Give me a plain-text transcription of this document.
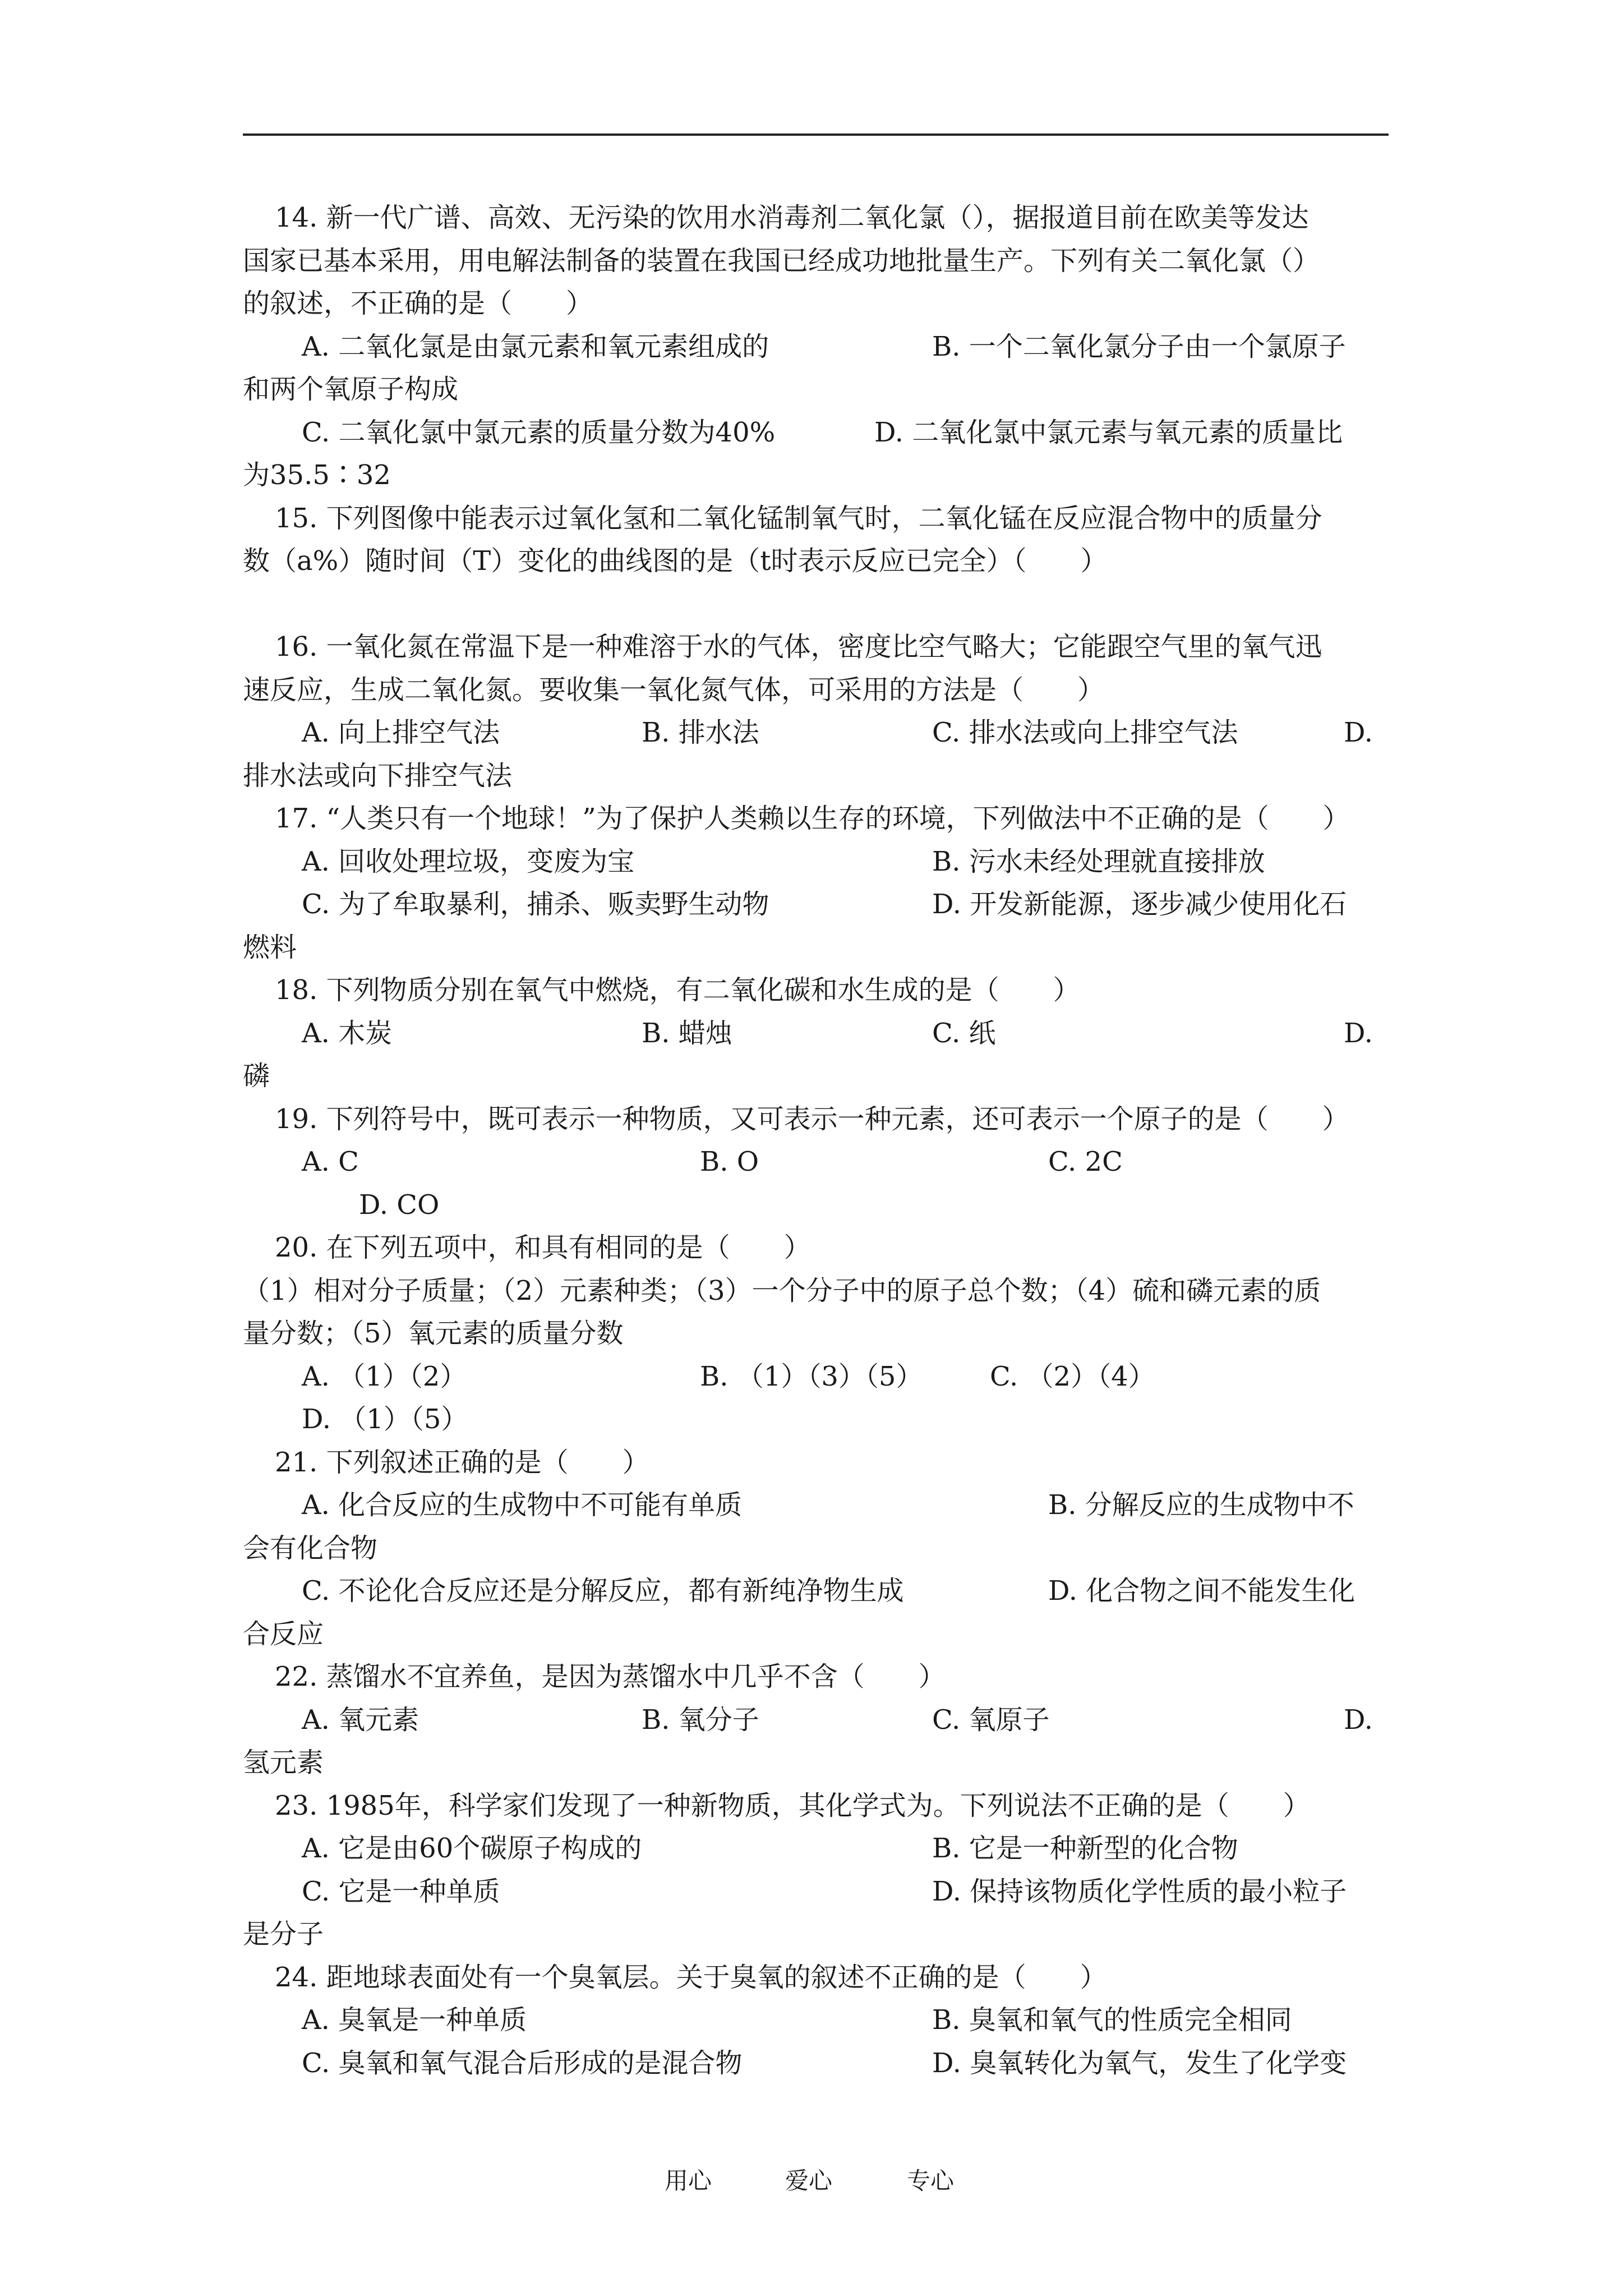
14. 新一代广谱、高效、无污染的饮用水消毒剂二氧化氯（），据报道目前在欧美等发达
国家已基本采用，用电解法制备的装置在我国已经成功地批量生产。下列有关二氧化氯（）
的叙述，不正确的是（　　）
A. 二氧化氯是由氯元素和氧元素组成的	B. 一个二氧化氯分子由一个氯原子
和两个氧原子构成
C. 二氧化氯中氯元素的质量分数为40%	D. 二氧化氯中氯元素与氧元素的质量比
为35.5∶32
15. 下列图像中能表示过氧化氢和二氧化锰制氧气时，二氧化锰在反应混合物中的质量分
数（a%）随时间（T）变化的曲线图的是（t时表示反应已完全）（　　）
16. 一氧化氮在常温下是一种难溶于水的气体，密度比空气略大；它能跟空气里的氧气迅
速反应，生成二氧化氮。要收集一氧化氮气体，可采用的方法是（　　）
A. 向上排空气法	B. 排水法	C. 排水法或向上排空气法	D.
排水法或向下排空气法
17. “人类只有一个地球！”为了保护人类赖以生存的环境，下列做法中不正确的是（　　）
A. 回收处理垃圾，变废为宝	B. 污水未经处理就直接排放
C. 为了牟取暴利，捕杀、贩卖野生动物	D. 开发新能源，逐步减少使用化石
燃料
18. 下列物质分别在氧气中燃烧，有二氧化碳和水生成的是（　　）
A. 木炭	B. 蜡烛	C. 纸	D.
磷
19. 下列符号中，既可表示一种物质，又可表示一种元素，还可表示一个原子的是（　　）
A. C	B. O	C. 2C
D. CO
20. 在下列五项中，和具有相同的是（　　）
（1）相对分子质量；（2）元素种类；（3）一个分子中的原子总个数；（4）硫和磷元素的质
量分数；（5）氧元素的质量分数
A. （1）（2）	B. （1）（3）（5） C. （2）（4）
D. （1）（5）
21. 下列叙述正确的是（　　）
A. 化合反应的生成物中不可能有单质	B. 分解反应的生成物中不
会有化合物
C. 不论化合反应还是分解反应，都有新纯净物生成	D. 化合物之间不能发生化
合反应
22. 蒸馏水不宜养鱼，是因为蒸馏水中几乎不含（　　）
A. 氧元素	B. 氧分子	C. 氧原子	D.
氢元素
23. 1985年，科学家们发现了一种新物质，其化学式为。下列说法不正确的是（　　）
A. 它是由60个碳原子构成的	B. 它是一种新型的化合物
C. 它是一种单质	D. 保持该物质化学性质的最小粒子
是分子
24. 距地球表面处有一个臭氧层。关于臭氧的叙述不正确的是（　　）
A. 臭氧是一种单质	B. 臭氧和氧气的性质完全相同
C. 臭氧和氧气混合后形成的是混合物	D. 臭氧转化为氧气，发生了化学变
用心	爱心	专心
